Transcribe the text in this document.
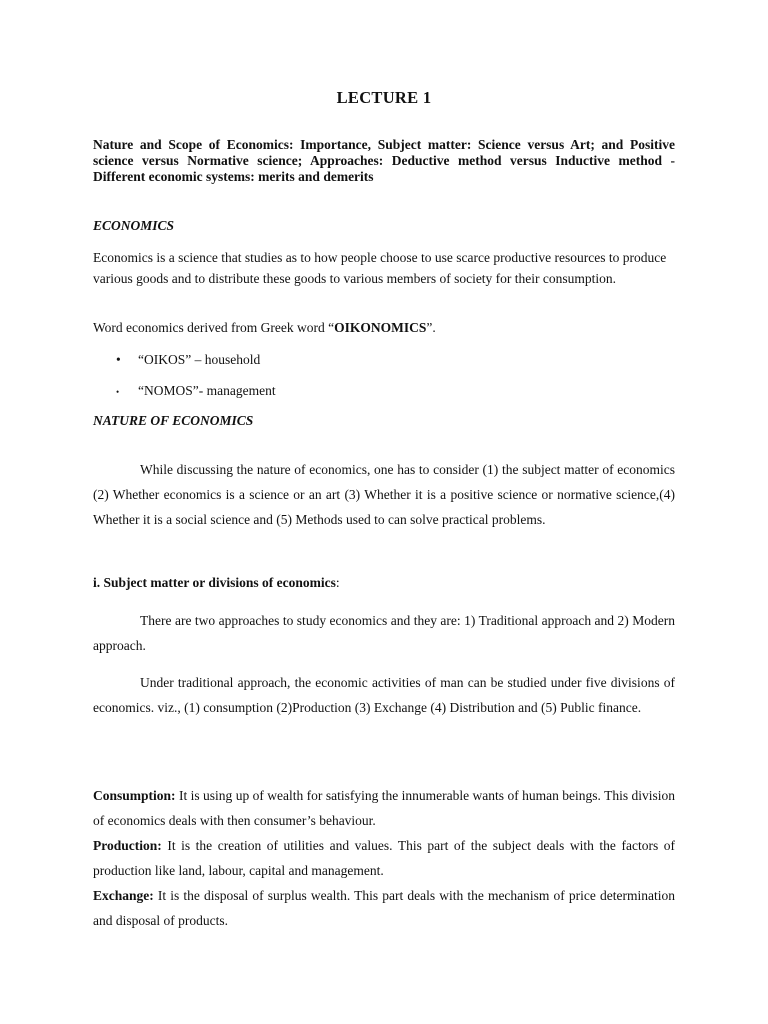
LECTURE 1
Nature and Scope of Economics: Importance, Subject matter: Science versus Art; and Positive science versus Normative science; Approaches: Deductive method versus Inductive method - Different economic systems: merits and demerits
ECONOMICS
Economics is a science that studies as to how people choose to use scarce productive resources to produce various goods and to distribute these goods to various members of society for their consumption.
Word economics derived from Greek word “OIKONOMICS”.
• “OIKOS” – household
• “NOMOS”- management
NATURE OF ECONOMICS
While discussing the nature of economics, one has to consider (1) the subject matter of economics (2) Whether economics is a science or an art (3) Whether it is a positive science or normative science,(4) Whether it is a social science and (5) Methods used to can solve practical problems.
i. Subject matter or divisions of economics:
There are two approaches to study economics and they are: 1) Traditional approach and 2) Modern approach.
Under traditional approach, the economic activities of man can be studied under five divisions of economics. viz., (1) consumption (2)Production (3) Exchange (4) Distribution and (5) Public finance.
Consumption: It is using up of wealth for satisfying the innumerable wants of human beings. This division of economics deals with then consumer’s behaviour.
Production: It is the creation of utilities and values. This part of the subject deals with the factors of production like land, labour, capital and management.
Exchange: It is the disposal of surplus wealth. This part deals with the mechanism of price determination and disposal of products.
